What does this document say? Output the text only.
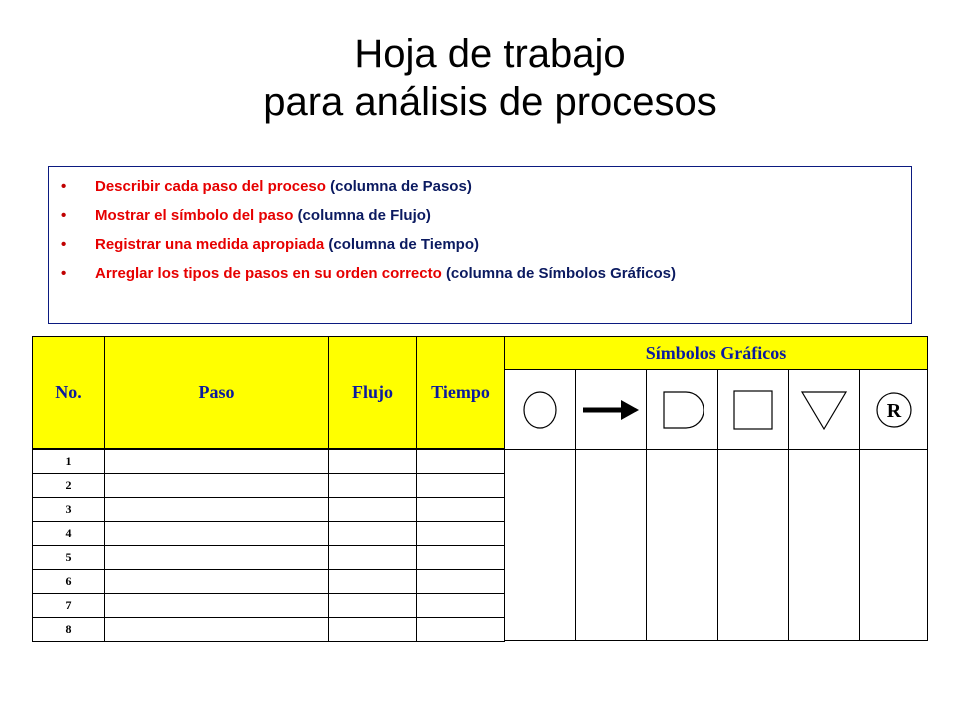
Hoja de trabajo
para análisis de procesos
• Describir cada paso del proceso (columna de Pasos)
• Mostrar el símbolo del paso (columna de Flujo)
• Registrar una medida apropiada (columna de Tiempo)
• Arreglar los tipos de pasos en su orden correcto (columna de Símbolos Gráficos)
No.	Paso	Flujo	Tiempo
Símbolos Gráficos
R
1
2
3
4
5
6
7
8
